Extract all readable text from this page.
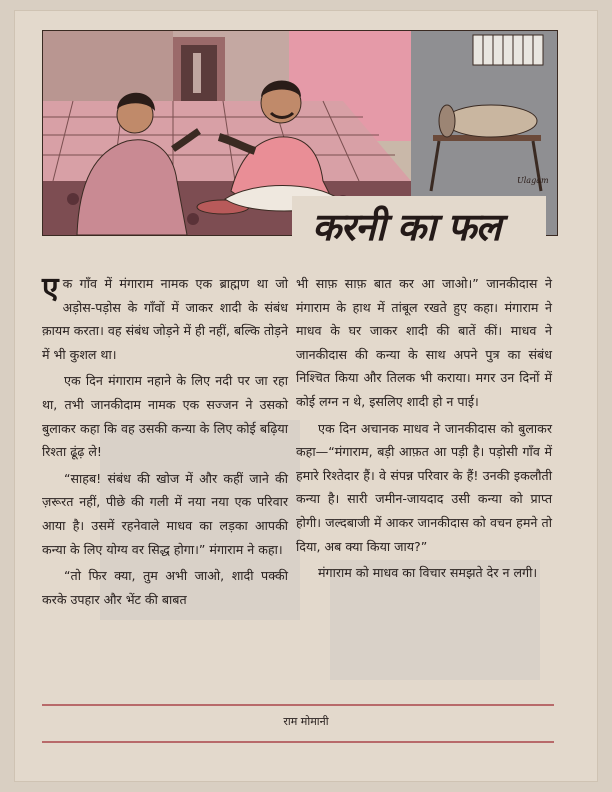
Ulagam
करनी का फल

एक गाँव में मंगाराम नामक एक ब्राह्मण था जो अड़ोस-पड़ोस के गाँवों में जाकर शादी के संबंध क़ायम करता। वह संबंध जोड़ने में ही नहीं, बल्कि तोड़ने में भी कुशल था।

एक दिन मंगाराम नहाने के लिए नदी पर जा रहा था, तभी जानकीदाम नामक एक सज्जन ने उसको बुलाकर कहा कि वह उसकी कन्या के लिए कोई बढ़िया रिश्ता ढूंढ़ ले!

“साहब! संबंध की खोज में और कहीं जाने की ज़रूरत नहीं, पीछे की गली में नया नया एक परिवार आया है। उसमें रहनेवाले माधव का लड़का आपकी कन्या के लिए योग्य वर सिद्ध होगा।” मंगाराम ने कहा।

“तो फिर क्या, तुम अभी जाओ, शादी पक्की करके उपहार और भेंट की बाबत

भी साफ़ साफ़ बात कर आ जाओ।” जानकीदास ने मंगाराम के हाथ में तांबूल रखते हुए कहा। मंगाराम ने माधव के घर जाकर शादी की बातें कीं। माधव ने जानकीदास की कन्या के साथ अपने पुत्र का संबंध निश्चित किया और तिलक भी कराया। मगर उन दिनों में कोई लग्न न थे, इसलिए शादी हो न पाई।

एक दिन अचानक माधव ने जानकीदास को बुलाकर कहा—“मंगाराम, बड़ी आफ़त आ पड़ी है। पड़ोसी गाँव में हमारे रिश्तेदार हैं। वे संपन्न परिवार के हैं! उनकी इकलौती कन्या है। सारी जमीन-जायदाद उसी कन्या को प्राप्त होगी। जल्दबाजी में आकर जानकीदास को वचन हमने तो दिया, अब क्या किया जाय?”

मंगाराम को माधव का विचार समझते देर न लगी।

राम मोमानी
